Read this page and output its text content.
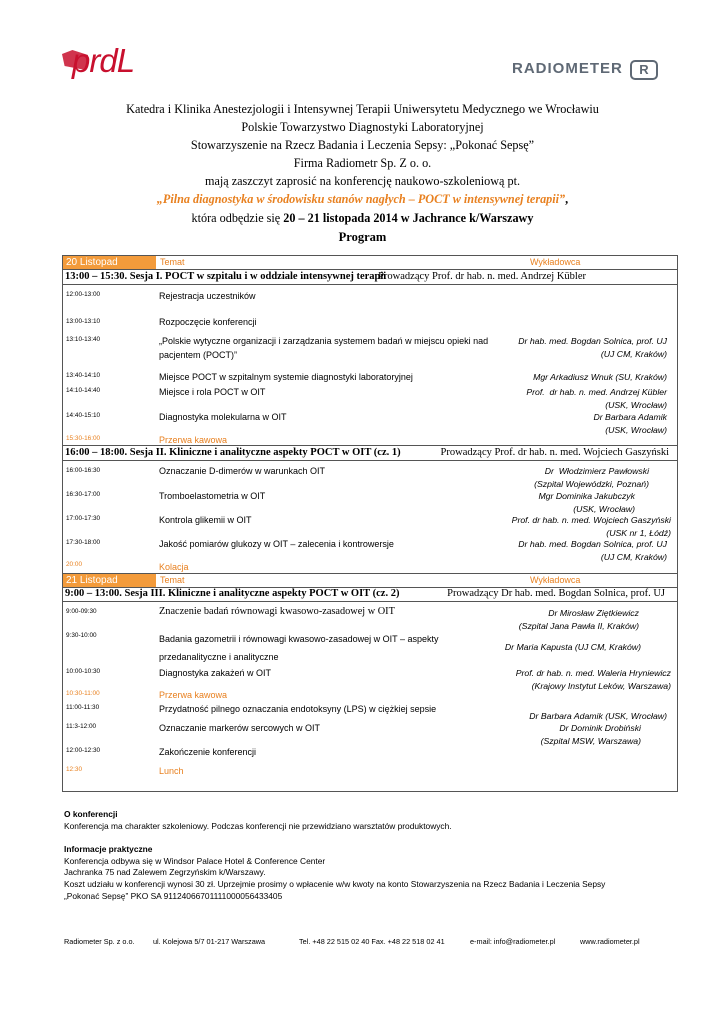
prdL	RADIOMETER	R
Katedra i Klinika Anestezjologii i Intensywnej Terapii Uniwersytetu Medycznego we Wrocławiu
Polskie Towarzystwo Diagnostyki Laboratoryjnej
Stowarzyszenie na Rzecz Badania i Leczenia Sepsy: „Pokonać Sepsę”
Firma Radiometr Sp. Z o. o.
mają zaszczyt zaprosić na konferencję naukowo-szkoleniową pt.
„Pilna diagnostyka w środowisku stanów nagłych – POCT w intensywnej terapii”,
która odbędzie się 20 – 21 listopada 2014 w Jachrance k/Warszawy
Program
20 Listopad	Temat	Wykładowca
13:00 – 15:30. Sesja I. POCT w szpitalu i w oddziale intensywnej terapii
Prowadzący Prof. dr hab. n. med. Andrzej Kübler
12:00-13:00	Rejestracja uczestników
13:00-13:10	Rozpoczęcie konferencji
13:10-13:40	„Polskie wytyczne organizacji i zarządzania systemem badań w miejscu opieki nad pacjentem (POCT)”
Dr hab. med. Bogdan Solnica, prof. UJ
(UJ CM, Kraków)
13:40-14:10	Miejsce POCT w szpitalnym systemie diagnostyki laboratoryjnej	Mgr Arkadiusz Wnuk (SU, Kraków)
14:10-14:40	Miejsce i rola POCT w OIT	Prof.  dr hab. n. med. Andrzej Kübler
(USK, Wrocław)
14:40-15:10	Diagnostyka molekularna w OIT	Dr Barbara Adamik
(USK, Wrocław)
15:30-16:00	Przerwa kawowa
16:00 – 18:00. Sesja II. Kliniczne i analityczne aspekty POCT w OIT (cz. 1)	Prowadzący Prof. dr hab. n. med. Wojciech Gaszyński
16:00-16:30	Oznaczanie D-dimerów w warunkach OIT	Dr  Włodzimierz Pawłowski
(Szpital Wojewódzki, Poznań)
16:30-17:00	Tromboelastometria w OIT	Mgr Dominika Jakubczyk
(USK, Wrocław)
17:00-17:30	Kontrola glikemii w OIT	Prof. dr hab. n. med. Wojciech Gaszyński
(USK nr 1, Łódź)
17:30-18:00	Jakość pomiarów glukozy w OIT – zalecenia i kontrowersje	Dr hab. med. Bogdan Solnica, prof. UJ
(UJ CM, Kraków)
20:00	Kolacja
21 Listopad	Temat	Wykładowca
9:00 – 13:00. Sesja III. Kliniczne i analityczne aspekty POCT w OIT (cz. 2)	Prowadzący Dr hab. med. Bogdan Solnica, prof. UJ
9:00-09:30	Znaczenie badań równowagi kwasowo-zasadowej w OIT	Dr Mirosław Ziętkiewicz
(Szpital Jana Pawła II, Kraków)
9:30-10:00	Badania gazometrii i równowagi kwasowo-zasadowej w OIT – aspekty przedanalityczne i analityczne
Dr Maria Kapusta (UJ CM, Kraków)
10:00-10:30	Diagnostyka zakażeń w OIT	Prof. dr hab. n. med. Waleria Hryniewicz
(Krajowy Instytut Leków, Warszawa)
10:30-11:00	Przerwa kawowa
11:00-11:30	Przydatność pilnego oznaczania endotoksyny (LPS) w ciężkiej sepsie
Dr Barbara Adamik (USK, Wrocław)
11:3-12:00	Oznaczanie markerów sercowych w OIT	Dr Dominik Drobiński
(Szpital MSW, Warszawa)
12:00-12:30	Zakończenie konferencji
12:30	Lunch
O konferencji
Konferencja ma charakter szkoleniowy. Podczas konferencji nie przewidziano warsztatów produktowych.
Informacje praktyczne
Konferencja odbywa się w Windsor Palace Hotel & Conference Center
Jachranka 75 nad Zalewem Zegrzyńskim k/Warszawy.
Koszt udziału w konferencji wynosi 30 zł. Uprzejmie prosimy o wpłacenie w/w kwoty na konto Stowarzyszenia na Rzecz Badania i Leczenia Sepsy
„Pokonać Sepsę” PKO SA 91124066701111000056433405
Radiometer Sp. z o.o.	ul. Kolejowa 5/7 01-217 Warszawa	Tel. +48 22 515 02 40 Fax. +48 22 518 02 41	e-mail: info@radiometer.pl	www.radiometer.pl
